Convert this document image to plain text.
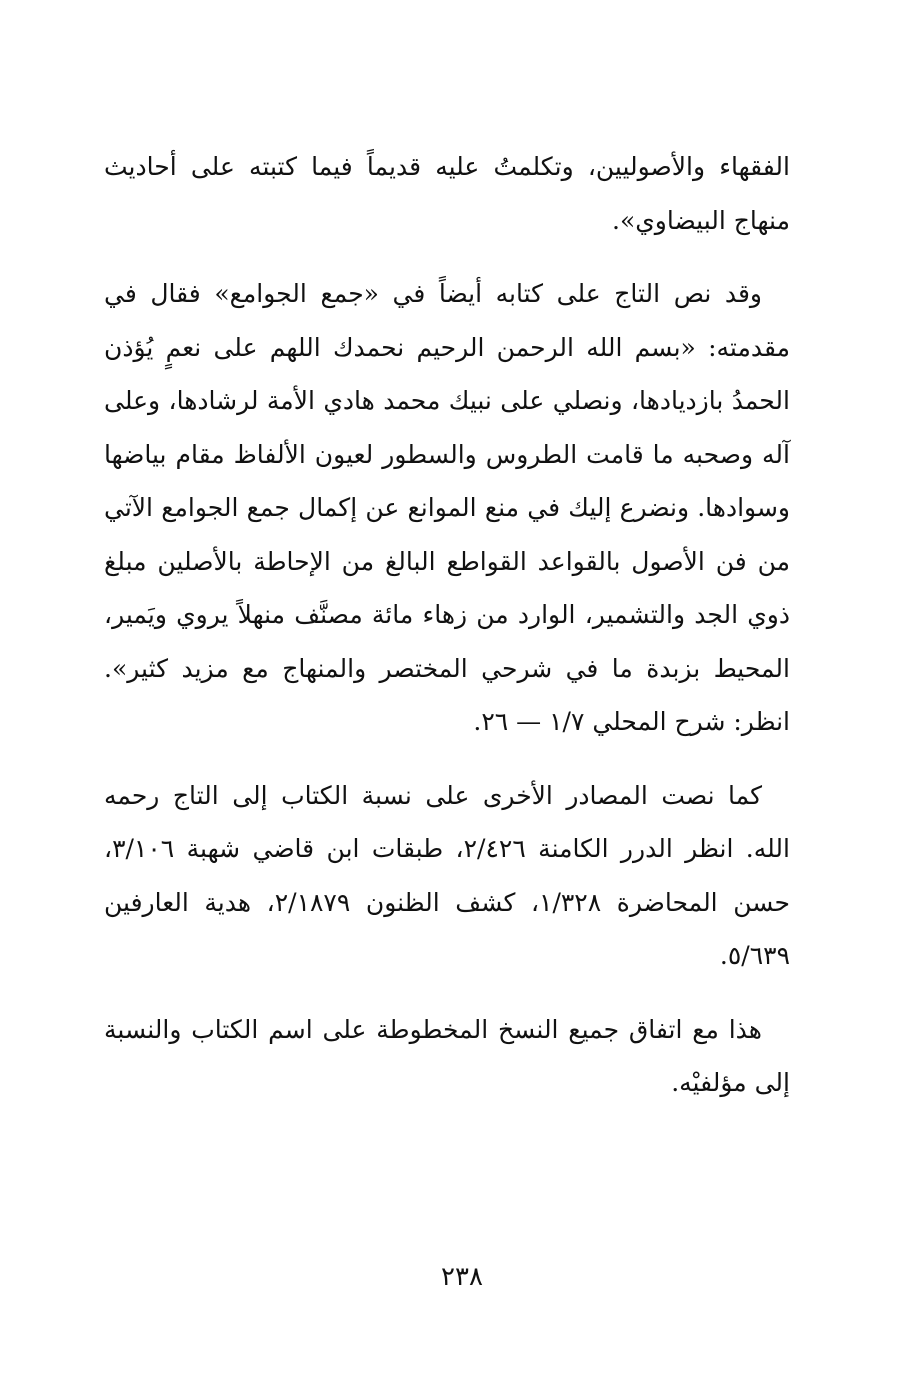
الفقهاء والأصوليين، وتكلمتُ عليه قديماً فيما كتبته على أحاديث منهاج البيضاوي».

وقد نص التاج على كتابه أيضاً في «جمع الجوامع» فقال في مقدمته: «بسم الله الرحمن الرحيم نحمدك اللهم على نعمٍ يُؤذن الحمدُ بازديادها، ونصلي على نبيك محمد هادي الأمة لرشادها، وعلى آله وصحبه ما قامت الطروس والسطور لعيون الألفاظ مقام بياضها وسوادها. ونضرع إليك في منع الموانع عن إكمال جمع الجوامع الآتي من فن الأصول بالقواعد القواطع البالغ من الإحاطة بالأصلين مبلغ ذوي الجد والتشمير، الوارد من زهاء مائة مصنَّف منهلاً يروي ويَمير، المحيط بزبدة ما في شرحي المختصر والمنهاج مع مزيد كثير». انظر: شرح المحلي ١/٧ — ٢٦.

كما نصت المصادر الأخرى على نسبة الكتاب إلى التاج رحمه الله. انظر الدرر الكامنة ٢/٤٢٦، طبقات ابن قاضي شهبة ٣/١٠٦، حسن المحاضرة ١/٣٢٨، كشف الظنون ٢/١٨٧٩، هدية العارفين ٥/٦٣٩.

هذا مع اتفاق جميع النسخ المخطوطة على اسم الكتاب والنسبة إلى مؤلفيْه.

٢٣٨
